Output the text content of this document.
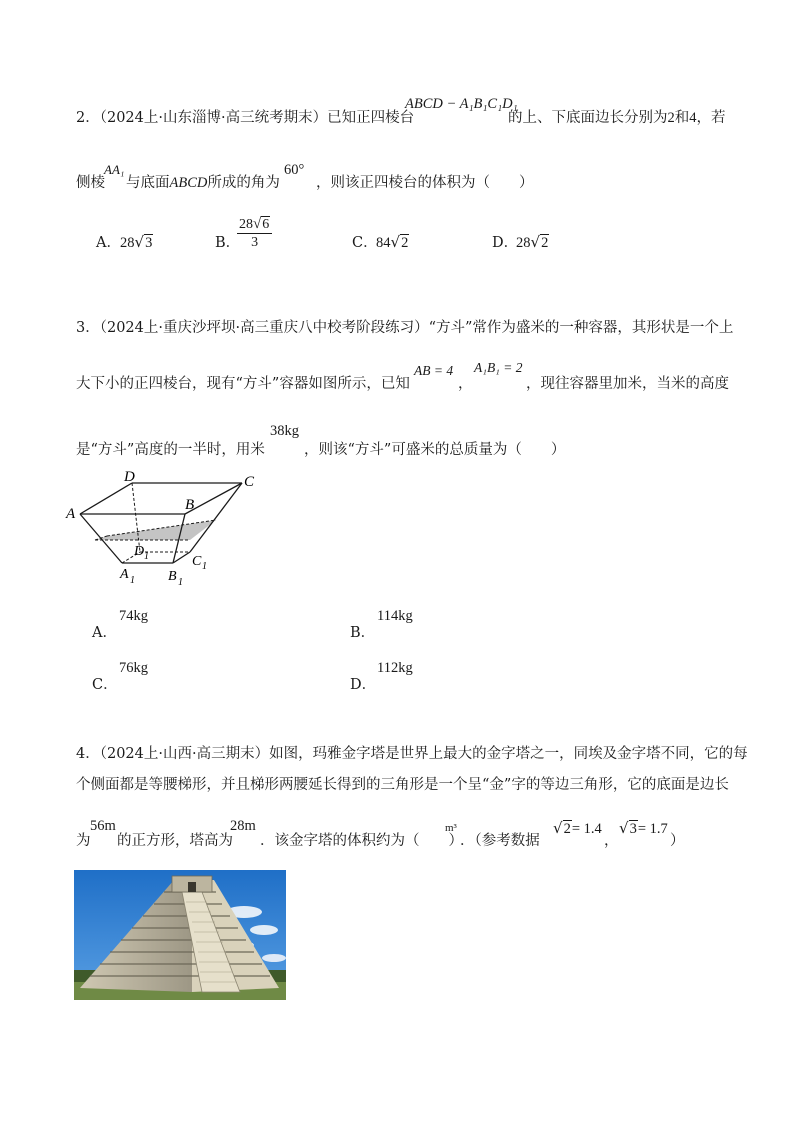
2．（2024上·山东淄博·高三统考期末）已知正四棱台
ABCD − A₁B₁C₁D₁
的上、下底面边长分别为2和4，若
侧棱
AA₁
与底面ABCD所成的角为
60°
，则该正四棱台的体积为（　　）
A． 28 √ 3	B．
$\frac{28 √ 6}{3}$	C．
84 √ 2	D．
28 √ 2
3．（2024上·重庆沙坪坝·高三重庆八中校考阶段练习）“方斗”常作为盛米的一种容器，其形状是一个上
大下小的正四棱台，现有“方斗”容器如图所示，已知
AB = 4
，
A₁B₁ = 2
，现往容器里加米，当米的高度
是“方斗”高度的一半时，用米
38kg
，则该“方斗”可盛米的总质量为（　　）
A
B
C
D
D 1	C 1
A 1 B 1
A．
74kg
B．
114kg
C．
76kg
D．
112kg
4．（2024上·山西·高三期末）如图，玛雅金字塔是世界上最大的金字塔之一，同埃及金字塔不同，它的每
个侧面都是等腰梯形，并且梯形两腰延长得到的三角形是一个呈“金”字的等边三角形，它的底面是边长
为
56m
的正方形，塔高为
28m
．该金字塔的体积约为（　　）
m³
．（参考数据
√ 2 = 1.4
，
√ 3 = 1.7
）
